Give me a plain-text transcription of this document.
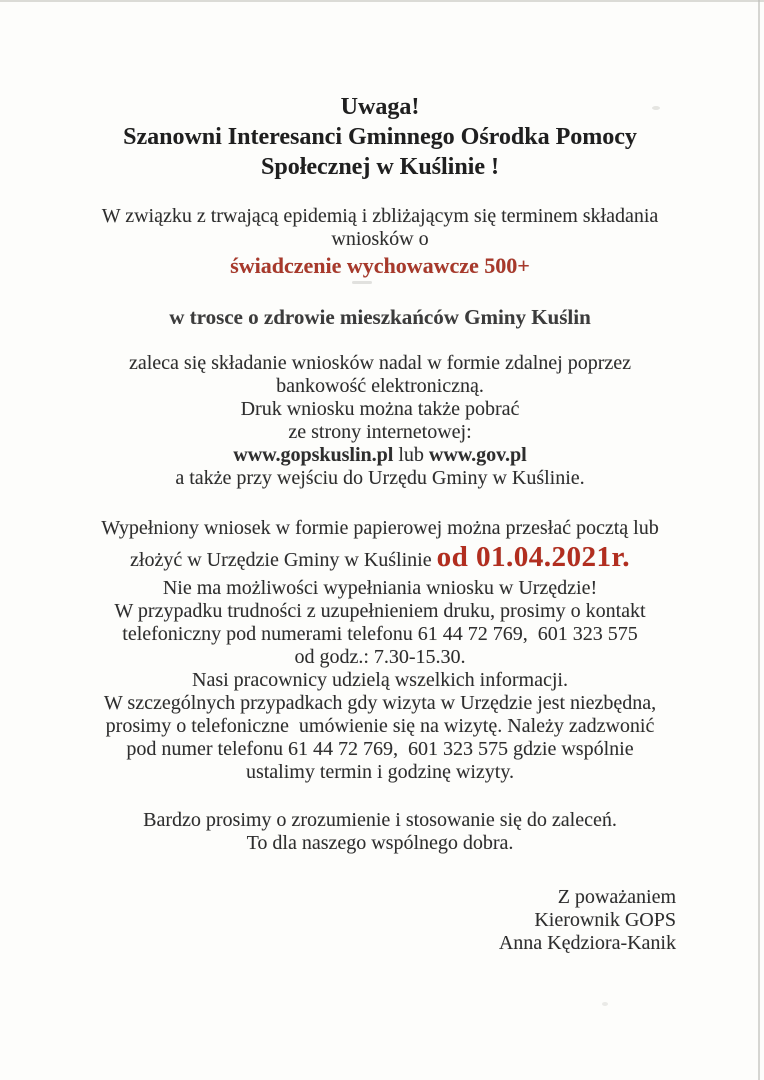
Uwaga!
Szanowni Interesanci Gminnego Ośrodka Pomocy
Społecznej w Kuślinie !
W związku z trwającą epidemią i zbliżającym się terminem składania
wniosków o
świadczenie wychowawcze 500+
w trosce o zdrowie mieszkańców Gminy Kuślin
zaleca się składanie wniosków nadal w formie zdalnej poprzez
bankowość elektroniczną.
Druk wniosku można także pobrać
ze strony internetowej:
www.gopskuslin.pl lub www.gov.pl
a także przy wejściu do Urzędu Gminy w Kuślinie.
Wypełniony wniosek w formie papierowej można przesłać pocztą lub
złożyć w Urzędzie Gminy w Kuślinie od 01.04.2021r.
Nie ma możliwości wypełniania wniosku w Urzędzie!
W przypadku trudności z uzupełnieniem druku, prosimy o kontakt
telefoniczny pod numerami telefonu 61 44 72 769,  601 323 575
od godz.: 7.30-15.30.
Nasi pracownicy udzielą wszelkich informacji.
W szczególnych przypadkach gdy wizyta w Urzędzie jest niezbędna,
prosimy o telefoniczne  umówienie się na wizytę. Należy zadzwonić
pod numer telefonu 61 44 72 769,  601 323 575 gdzie wspólnie
ustalimy termin i godzinę wizyty.
Bardzo prosimy o zrozumienie i stosowanie się do zaleceń.
To dla naszego wspólnego dobra.
Z poważaniem
Kierownik GOPS
Anna Kędziora-Kanik
